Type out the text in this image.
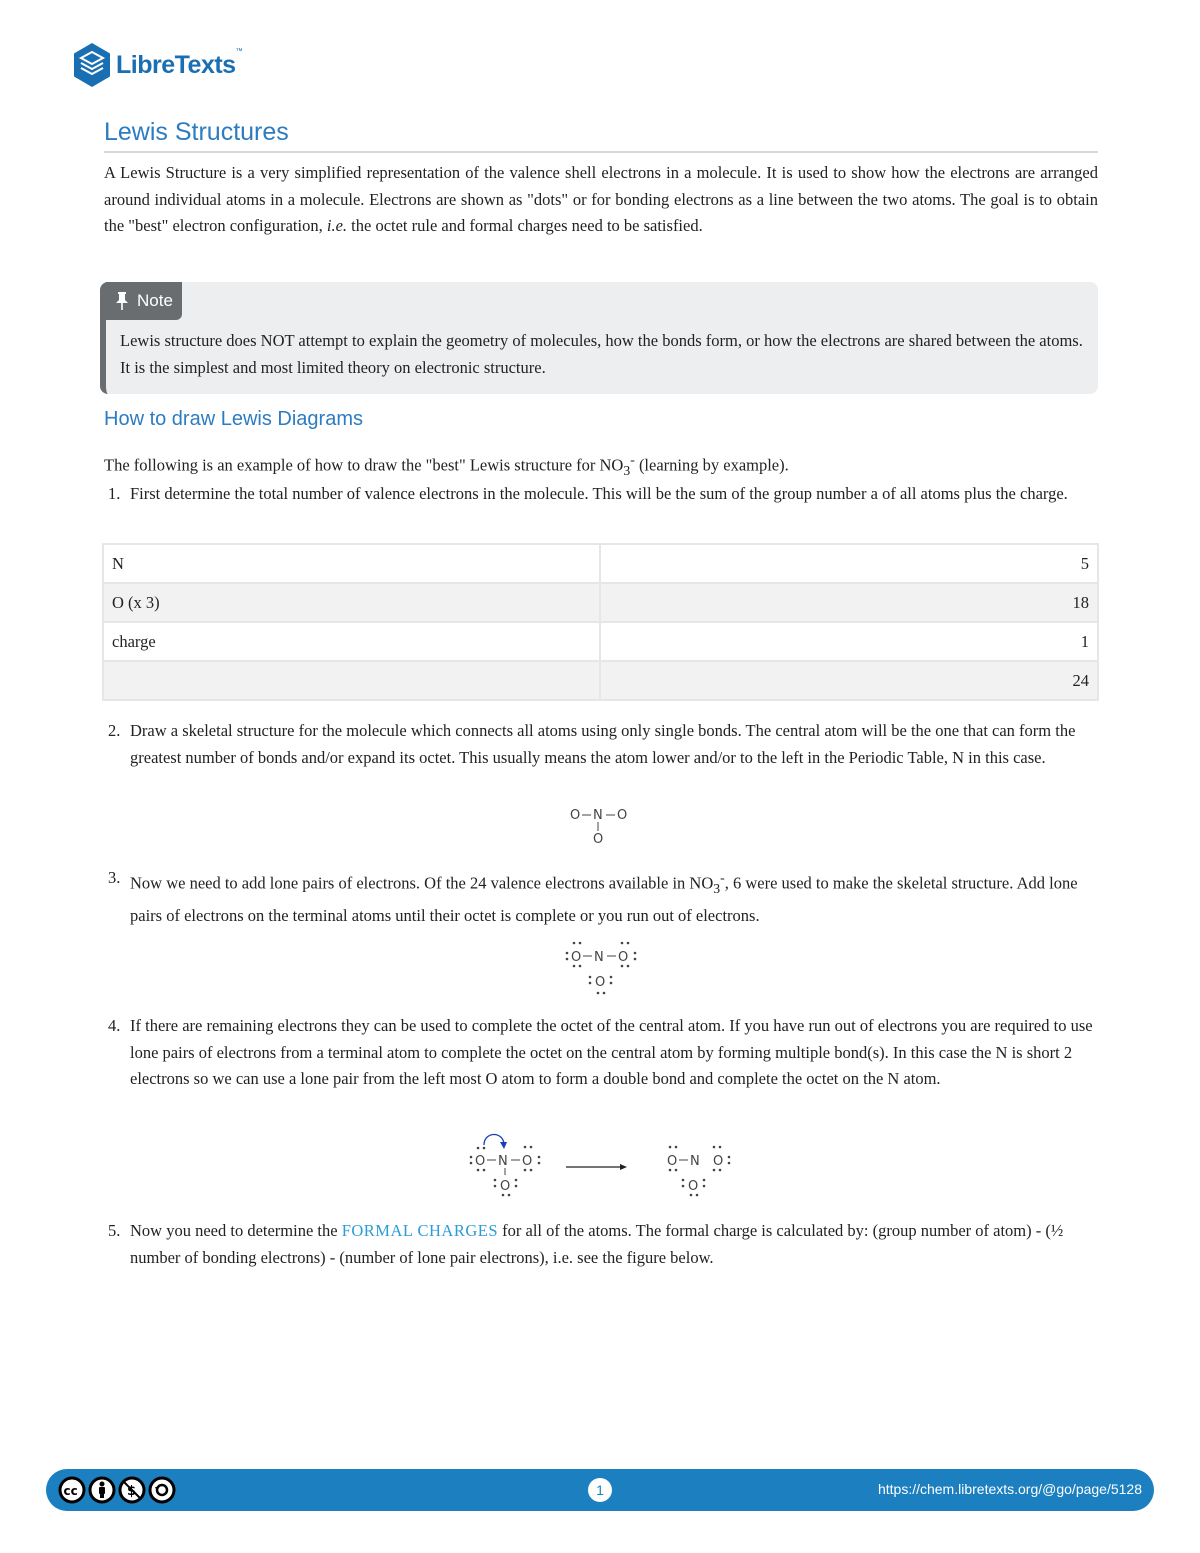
LibreTexts ™
Lewis Structures

A Lewis Structure is a very simplified representation of the valence shell electrons in a molecule. It is used to show how the electrons are arranged around individual atoms in a molecule. Electrons are shown as "dots" or for bonding electrons as a line between the two atoms. The goal is to obtain the "best" electron configuration, i.e. the octet rule and formal charges need to be satisfied.

Note

Lewis structure does NOT attempt to explain the geometry of molecules, how the bonds form, or how the electrons are shared between the atoms. It is the simplest and most limited theory on electronic structure.

How to draw Lewis Diagrams

The following is an example of how to draw the "best" Lewis structure for $NO_3^-$ (learning by example).

1. First determine the total number of valence electrons in the molecule. This will be the sum of the group number a of all atoms plus the charge.
N	5
O (x 3)	18
charge	1
	24
2. Draw a skeletal structure for the molecule which connects all atoms using only single bonds. The central atom will be the one that can form the greatest number of bonds and/or expand its octet. This usually means the atom lower and/or to the left in the Periodic Table, N in this case.
O N O
O
3. Now we need to add lone pairs of electrons. Of the 24 valence electrons available in $NO_3^-$, 6 were used to make the skeletal structure. Add lone pairs of electrons on the terminal atoms until their octet is complete or you run out of electrons.
O N O
O
4. If there are remaining electrons they can be used to complete the octet of the central atom. If you have run out of electrons you are required to use lone pairs of electrons from a terminal atom to complete the octet on the central atom by forming multiple bond(s). In this case the N is short 2 electrons so we can use a lone pair from the left most O atom to form a double bond and complete the octet on the N atom.
O N O
O
O N O
O
5. Now you need to determine the FORMAL CHARGES for all of the atoms. The formal charge is calculated by: (group number of atom) - (½ number of bonding electrons) - (number of lone pair electrons), i.e. see the figure below.
cc	$	1	https://chem.libretexts.org/@go/page/5128
